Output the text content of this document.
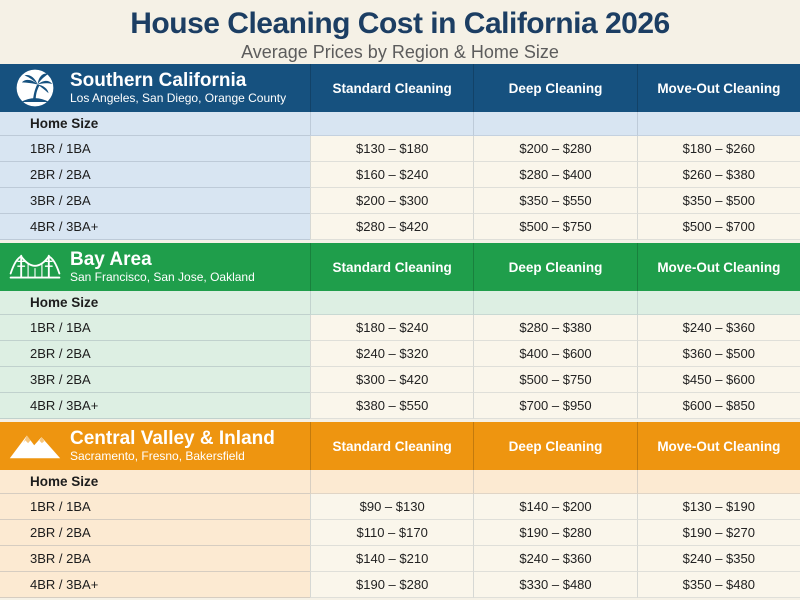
House Cleaning Cost in California 2026
Average Prices by Region & Home Size
Southern California
Los Angeles, San Diego, Orange County
Standard Cleaning	Deep Cleaning	Move-Out Cleaning
Home Size
1BR / 1BA	$130 – $180	$200 – $280	$180 – $260
2BR / 2BA	$160 – $240	$280 – $400	$260 – $380
3BR / 2BA	$200 – $300	$350 – $550	$350 – $500
4BR / 3BA+	$280 – $420	$500 – $750	$500 – $700
Bay Area
San Francisco, San Jose, Oakland
Standard Cleaning	Deep Cleaning	Move-Out Cleaning
Home Size
1BR / 1BA	$180 – $240	$280 – $380	$240 – $360
2BR / 2BA	$240 – $320	$400 – $600	$360 – $500
3BR / 2BA	$300 – $420	$500 – $750	$450 – $600
4BR / 3BA+	$380 – $550	$700 – $950	$600 – $850
Central Valley & Inland
Sacramento, Fresno, Bakersfield
Standard Cleaning	Deep Cleaning	Move-Out Cleaning
Home Size
1BR / 1BA	$90 – $130	$140 – $200	$130 – $190
2BR / 2BA	$110 – $170	$190 – $280	$190 – $270
3BR / 2BA	$140 – $210	$240 – $360	$240 – $350
4BR / 3BA+	$190 – $280	$330 – $480	$350 – $480
